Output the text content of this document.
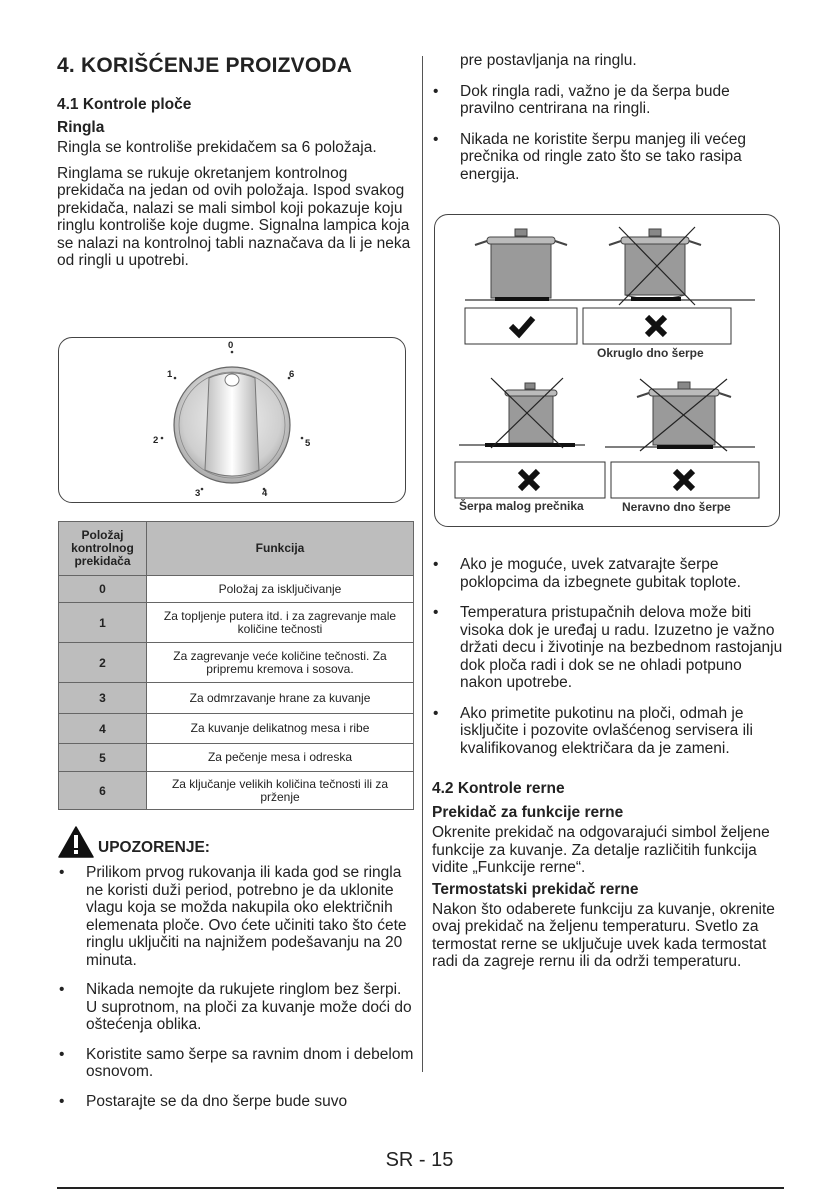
4. KORIŠĆENJE PROIZVODA
4.1 Kontrole ploče
Ringla

Ringla se kontroliše prekidačem sa 6 položaja.

Ringlama se rukuje okretanjem kontrolnog prekidača na jedan od ovih položaja. Ispod svakog prekidača, nalazi se mali simbol koji pokazuje koju ringlu kontroliše koje dugme. Signalna lampica koja se nalazi na kontrolnoj tabli naznačava da li je neka od ringli u upotrebi.

0
1
2
3	4
5
6
Položaj kontrolnog prekidača	Funkcija
0	Položaj za isključivanje
1	Za topljenje putera itd. i za zagrevanje male količine tečnosti
2	Za zagrevanje veće količine tečnosti. Za pripremu kremova i sosova.
3	Za odmrzavanje hrane za kuvanje
4	Za kuvanje delikatnog mesa i ribe
5	Za pečenje mesa i odreska
6	Za ključanje velikih količina tečnosti ili za prženje
UPOZORENJE:
• Prilikom prvog rukovanja ili kada god se ringla ne koristi duži period, potrebno je da uklonite vlagu koja se možda nakupila oko električnih elemenata ploče. Ovo ćete učiniti tako što ćete ringlu uključiti na najnižem podešavanju na 20 minuta.
• Nikada nemojte da rukujete ringlom bez šerpi. U suprotnom, na ploči za kuvanje može doći do oštećenja oblika.
• Koristite samo šerpe sa ravnim dnom i debelom osnovom.
• Postarajte se da dno šerpe bude suvo
pre postavljanja na ringlu.
• Dok ringla radi, važno je da šerpa bude pravilno centrirana na ringli.
• Nikada ne koristite šerpu manjeg ili većeg prečnika od ringle zato što se tako rasipa energija.
Okruglo dno šerpe
Šerpa malog prečnika	Neravno dno šerpe
• Ako je moguće, uvek zatvarajte šerpe poklopcima da izbegnete gubitak toplote.
• Temperatura pristupačnih delova može biti visoka dok je uređaj u radu. Izuzetno je važno držati decu i životinje na bezbednom rastojanju dok ploča radi i dok se ne ohladi potpuno nakon upotrebe.
• Ako primetite pukotinu na ploči, odmah je isključite i pozovite ovlašćenog servisera ili kvalifikovanog električara da je zameni.
4.2 Kontrole rerne
Prekidač za funkcije rerne

Okrenite prekidač na odgovarajući simbol željene funkcije za kuvanje. Za detalje različitih funkcija vidite „Funkcije rerne“.

Termostatski prekidač rerne

Nakon što odaberete funkciju za kuvanje, okrenite ovaj prekidač na željenu temperaturu. Svetlo za termostat rerne se uključuje uvek kada termostat radi da zagreje rernu ili da održi temperaturu.

SR - 15
